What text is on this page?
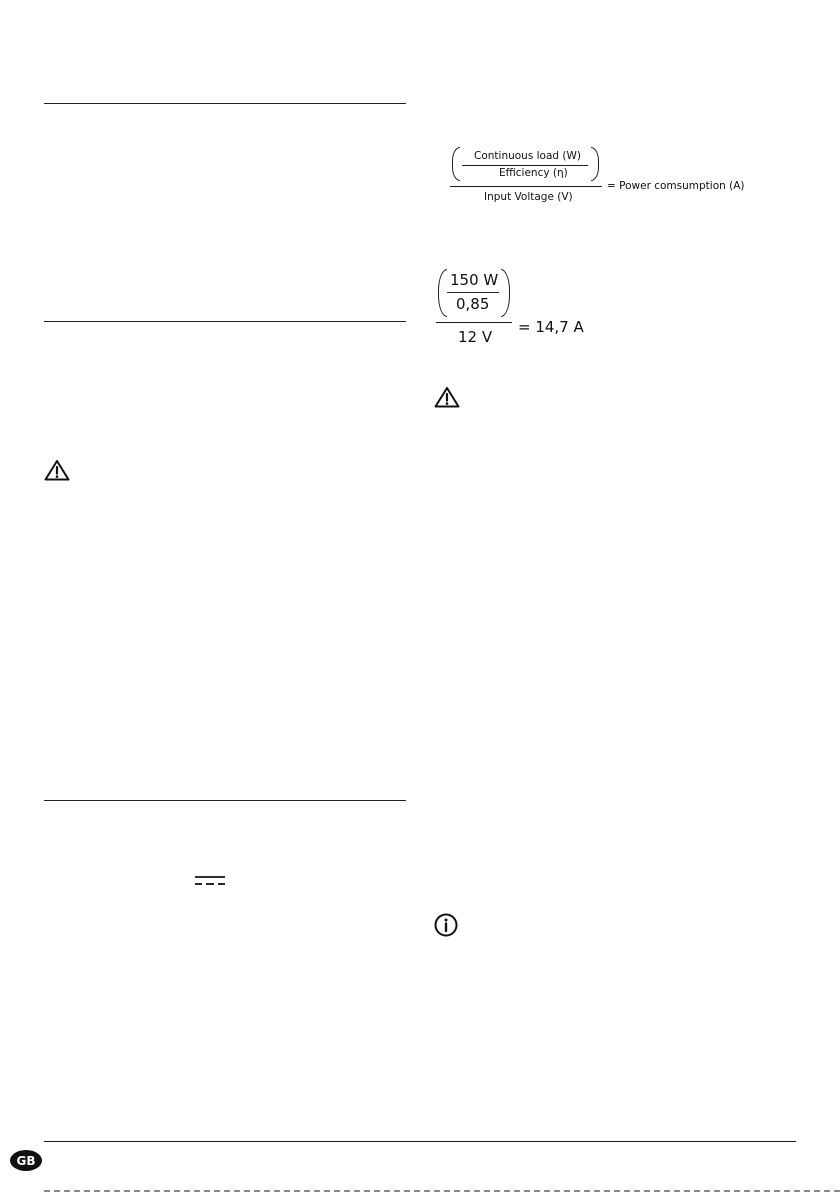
Continuous load (W)
Efficiency (η)
Input Voltage (V)
= Power comsumption (A)
150 W
0,85
12 V
= 14,7 A
GB
